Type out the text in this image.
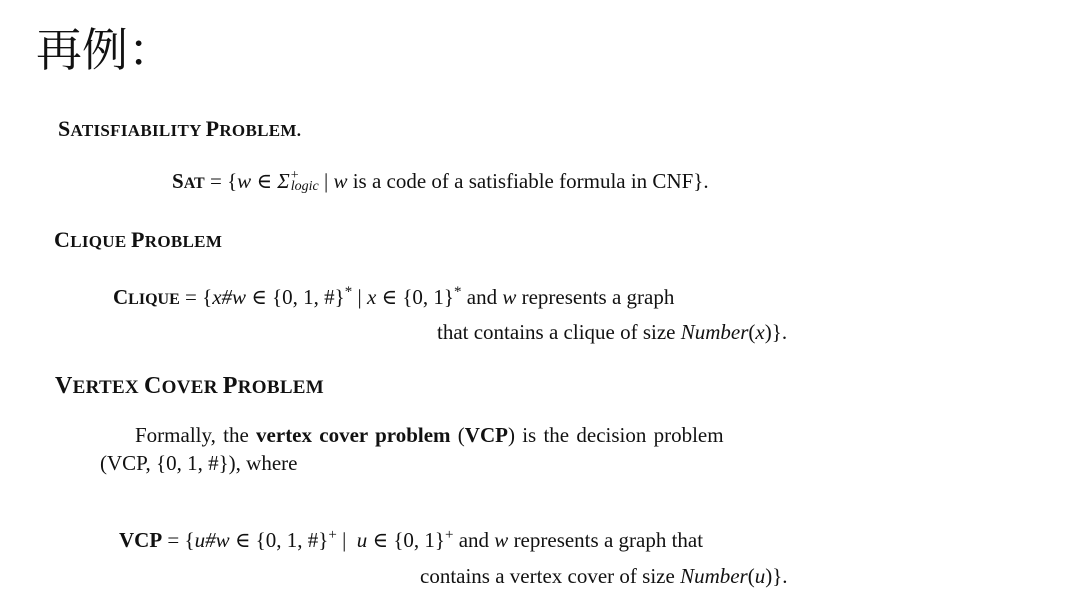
再例：
SATISFIABILITY PROBLEM.
SAT = {w ∈ Σ +
logic | w is a code of a satisfiable formula in CNF}.
CLIQUE PROBLEM
CLIQUE = {x#w ∈ {0, 1, #}* | x ∈ {0, 1}* and w represents a graph
that contains a clique of size Number(x)}.
VERTEX COVER PROBLEM
Formally, the vertex cover problem (VCP) is the decision problem
(VCP, {0, 1, #}), where
VCP = {u#w ∈ {0, 1, #}+ |  u ∈ {0, 1}+ and w represents a graph that
contains a vertex cover of size Number(u)}.
